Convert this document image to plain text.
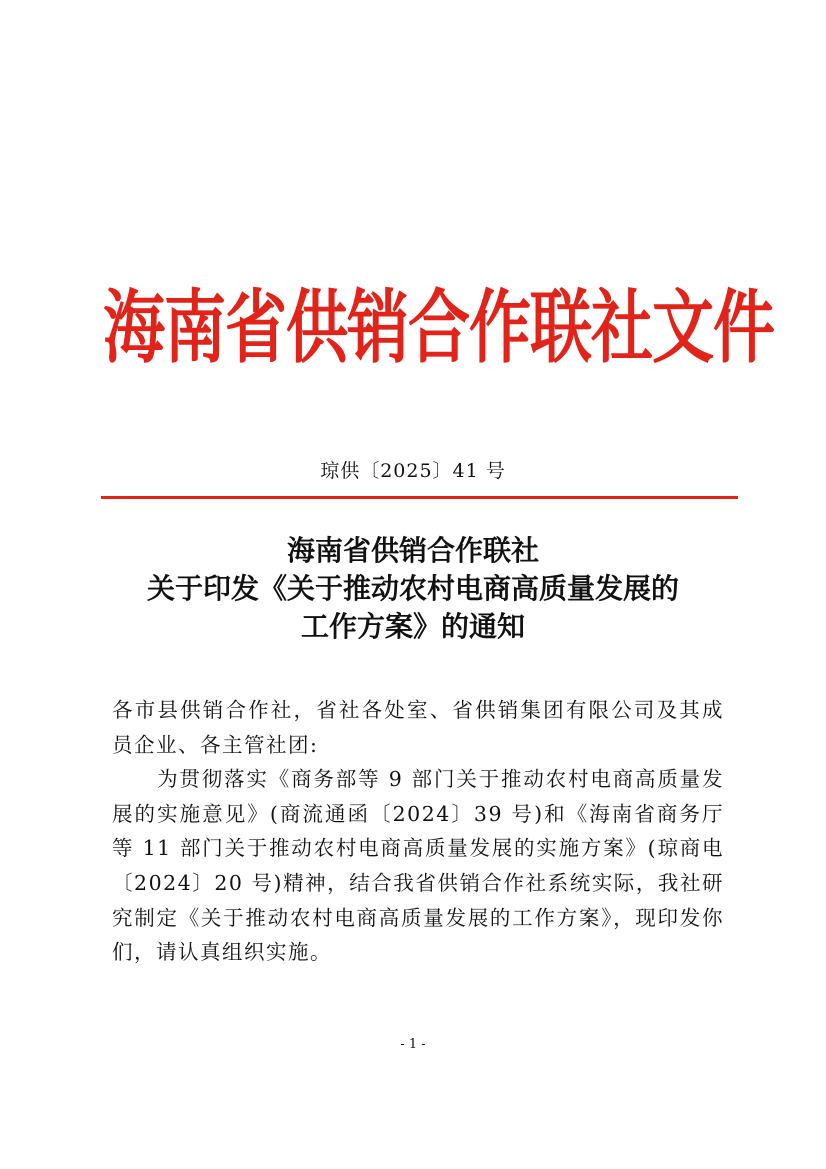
海南省供销合作联社文件
琼供〔2025〕41 号
海南省供销合作联社
关于印发《关于推动农村电商高质量发展的
工作方案》的通知

各市县供销合作社，省社各处室、省供销集团有限公司及其成员企业、各主管社团:

为贯彻落实《商务部等 9 部门关于推动农村电商高质量发展的实施意见》(商流通函〔2024〕39 号)和《海南省商务厅等 11 部门关于推动农村电商高质量发展的实施方案》(琼商电〔2024〕20 号)精神，结合我省供销合作社系统实际，我社研究制定《关于推动农村电商高质量发展的工作方案》，现印发你们，请认真组织实施。

- 1 -
